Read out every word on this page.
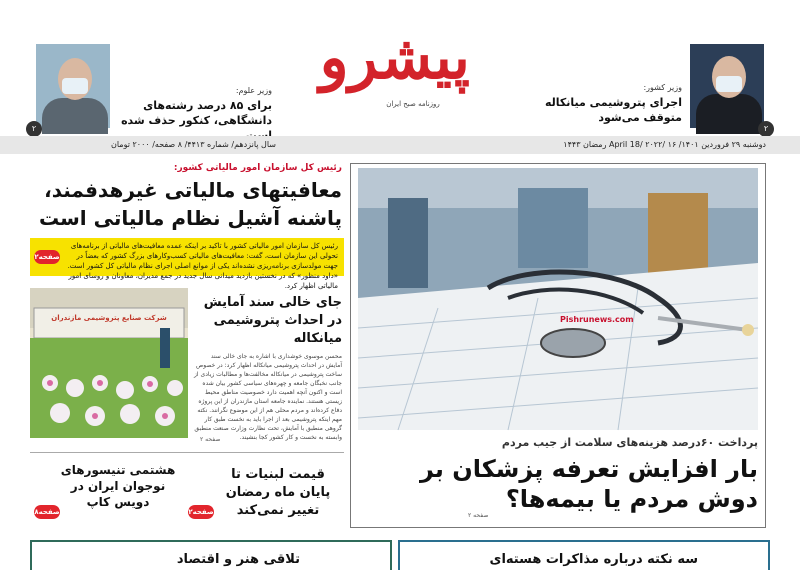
پیشرو
روزنامه صبح ایران
۲
وزیر کشور:
اجرای پتروشیمی میانکاله متوقف می‌شود
۲
وزیر علوم:
برای ۸۵ درصد رشته‌های دانشگاهی، کنکور حذف شده
دوشنبه ۲۹ فروردین ۱۴۰۱/ April 18/ ۲۰۲۲/ ۱۶ رمضان ۱۴۴۳
سال پانزدهم/ شماره ۴۴۱۳/ ۸ صفحه/ ۲۰۰۰ تومان
Pishrunews.com
پرداخت ۶۰درصد هزینه‌های سلامت از جیب مردم
بار افزایش تعرفه پزشکان بر دوش مردم یا بیمه‌ها؟
صفحه ۲
رئیس کل سازمان امور مالیاتی کشور:
معافیتهای مالیاتی غیرهدفمند، پاشنه آشیل نظام مالیاتی است
رئیس کل سازمان امور مالیاتی کشور با تاکید بر اینکه عمده معافیت‌های مالیاتی از برنامه‌های تحولی این سازمان است، گفت: معافیت‌های مالیاتی کسب‌وکارهای بزرگ کشور که بعضاً در جهت مولدسازی برنامه‌ریزی نشده‌اند یکی از موانع اصلی اجرای نظام مالیاتی کل کشور است. «داود منظور» که در نخستین بازدید میدانی سال جدید در جمع مدیران، معاونان و روسای امور مالیاتی اظهار کرد.
صفحه۲
شرکت صنایع پتروشیمی مازندران
جای خالی سند آمایش در احداث پتروشیمی میانکاله
محسن موسوی خوشداری با اشاره به جای خالی سند آمایش در احداث پتروشیمی میانکاله اظهار کرد: در خصوص ساخت پتروشیمی در میانکاله مخالفت‌ها و مطالبات زیادی از جانب نخبگان جامعه و چهره‌های سیاسی کشور بیان شده است و اکنون آنچه اهمیت دارد خصوصیت مناطق محیط زیستی هستند. نماینده جامعه استان مازندران از این پروژه دفاع کرده‌اند و مردم محلی هم از این موضوع نگرانند. نکته مهم اینکه پتروشیمی بعد از اجرا باید به نخست طبق کار گروهی منطبق با آمایش، تحت نظارت وزارت صنعت منطبق وابسته به نخست و کار کشور کجا بنشیند.
صفحه ۲
قیمت لبنیات تا پایان ماه رمضان تغییر نمی‌کند
صفحه۲
هشتمی تنیسورهای نوجوان ایران در دویس کاپ
صفحه۸
سه نکته درباره مذاکرات هسته‌ای
تلاقی هنر و اقتصاد
